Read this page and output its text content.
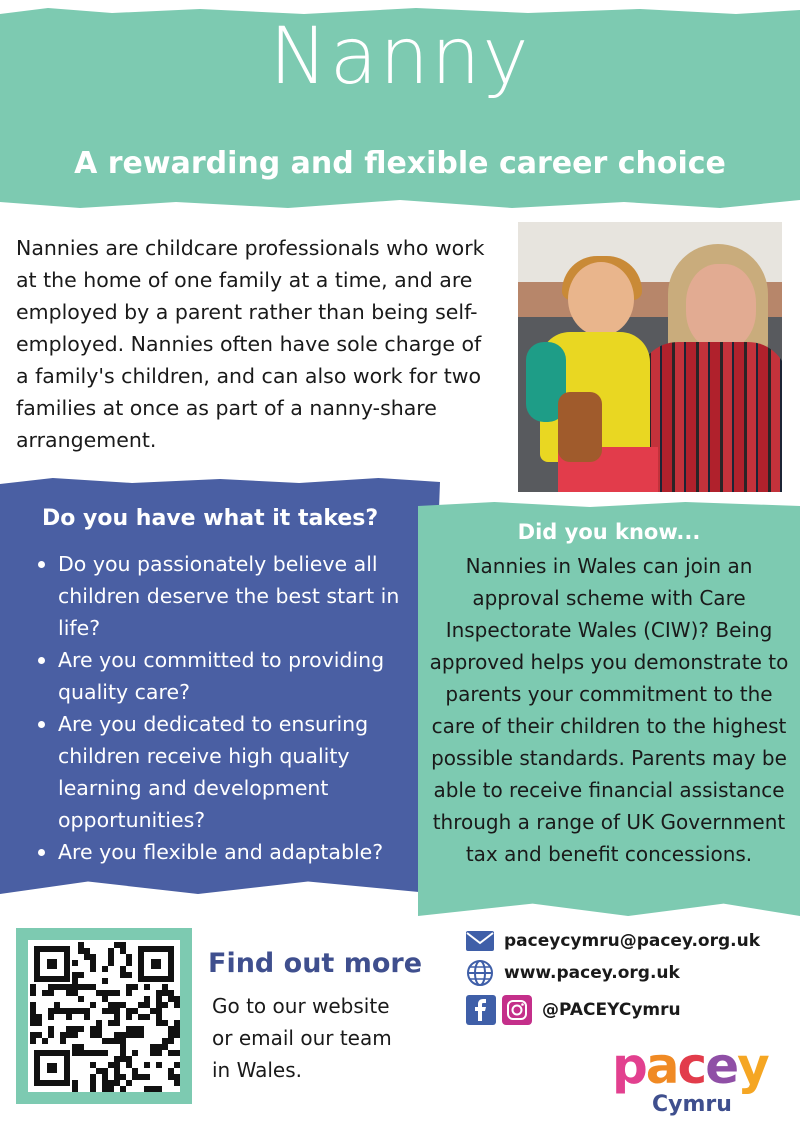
Nanny
A rewarding and flexible career choice
Nannies are childcare professionals who work at the home of one family at a time, and are employed by a parent rather than being self-employed. Nannies often have sole charge of a family's children, and can also work for two families at once as part of a nanny-share arrangement.
Do you have what it takes?
Do you passionately believe all children deserve the best start in life?
Are you committed to providing quality care?
Are you dedicated to ensuring children receive high quality learning and development opportunities?
Are you flexible and adaptable?
Did you know...
Nannies in Wales can join an approval scheme with Care Inspectorate Wales (CIW)? Being approved helps you demonstrate to parents your commitment to the care of their children to the highest possible standards. Parents may be able to receive financial assistance through a range of UK Government tax and benefit concessions.
Find out more
Go to our website or email our team in Wales.
paceycymru@pacey.org.uk
www.pacey.org.uk
@PACEYCymru
pacey
Cymru
